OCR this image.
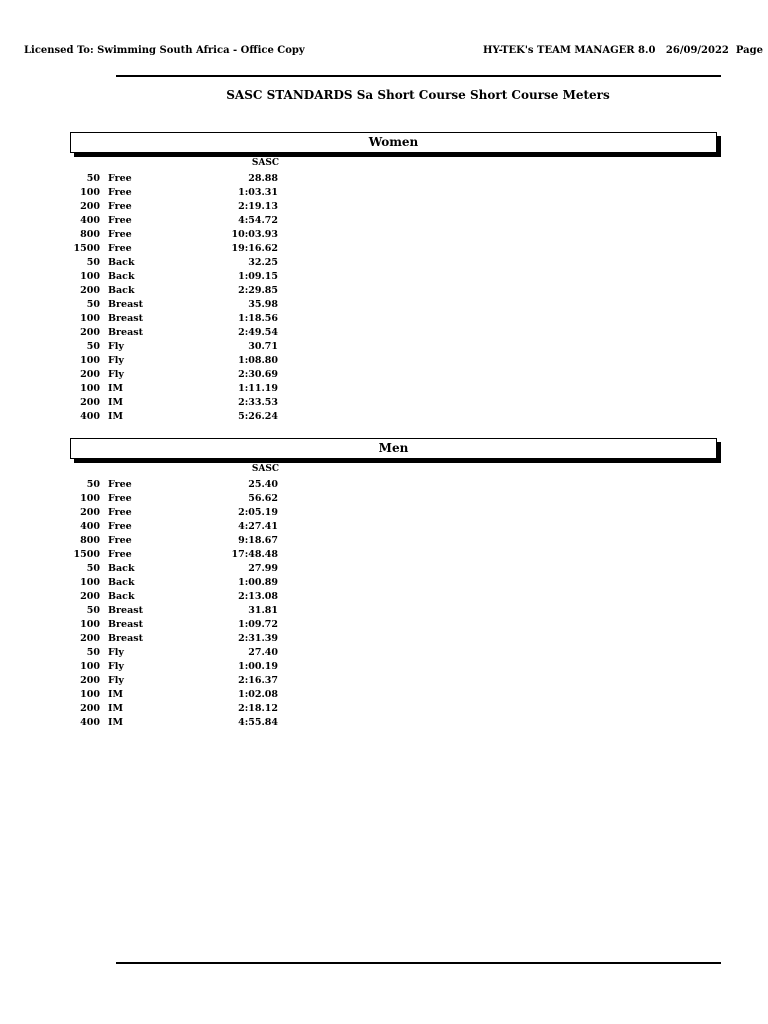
Licensed To: Swimming South Africa - Office Copy	HY-TEK's TEAM MANAGER 8.0 26/09/2022 Page
SASC STANDARDS Sa Short Course Short Course Meters
Women
SASC
50 Free	28.88
100 Free	1:03.31
200 Free	2:19.13
400 Free	4:54.72
800 Free	10:03.93
1500 Free	19:16.62
50 Back	32.25
100 Back	1:09.15
200 Back	2:29.85
50 Breast	35.98
100 Breast	1:18.56
200 Breast	2:49.54
50 Fly	30.71
100 Fly	1:08.80
200 Fly	2:30.69
100 IM	1:11.19
200 IM	2:33.53
400 IM	5:26.24
Men
SASC
50 Free	25.40
100 Free	56.62
200 Free	2:05.19
400 Free	4:27.41
800 Free	9:18.67
1500 Free	17:48.48
50 Back	27.99
100 Back	1:00.89
200 Back	2:13.08
50 Breast	31.81
100 Breast	1:09.72
200 Breast	2:31.39
50 Fly	27.40
100 Fly	1:00.19
200 Fly	2:16.37
100 IM	1:02.08
200 IM	2:18.12
400 IM	4:55.84
